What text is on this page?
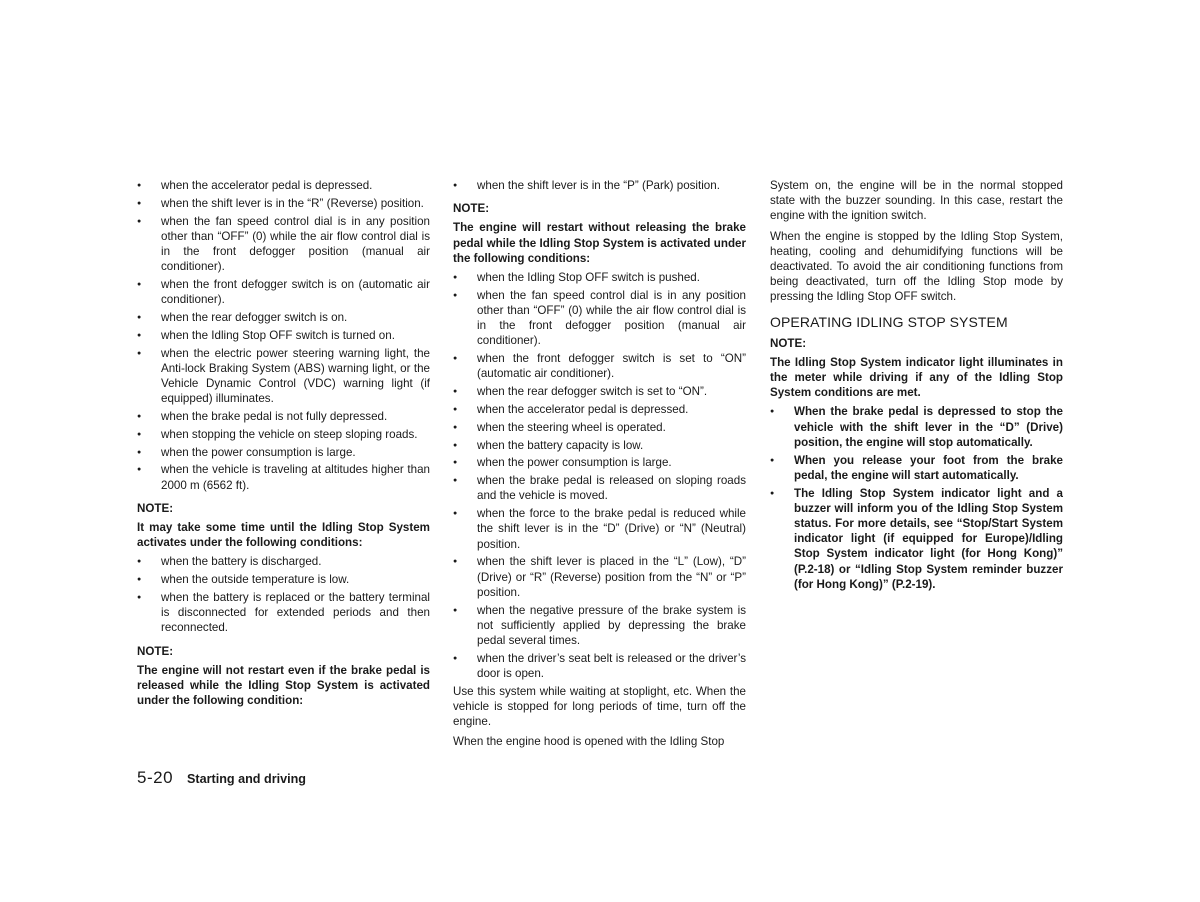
● when the accelerator pedal is depressed.
● when the shift lever is in the “R” (Reverse) position.
● when the fan speed control dial is in any position other than “OFF” (0) while the air flow control dial is in the front defogger position (manual air conditioner).
● when the front defogger switch is on (automatic air conditioner).
● when the rear defogger switch is on.
● when the Idling Stop OFF switch is turned on.
● when the electric power steering warning light, the Anti-lock Braking System (ABS) warning light, or the Vehicle Dynamic Control (VDC) warning light (if equipped) illuminates.
● when the brake pedal is not fully depressed.
● when stopping the vehicle on steep sloping roads.
● when the power consumption is large.
● when the vehicle is traveling at altitudes higher than 2000 m (6562 ft).
NOTE:
It may take some time until the Idling Stop System activates under the following conditions:
● when the battery is discharged.
● when the outside temperature is low.
● when the battery is replaced or the battery terminal is disconnected for extended periods and then reconnected.
NOTE:
The engine will not restart even if the brake pedal is released while the Idling Stop System is activated under the following condition:
● when the shift lever is in the “P” (Park) position.
NOTE:
The engine will restart without releasing the brake pedal while the Idling Stop System is activated under the following conditions:
● when the Idling Stop OFF switch is pushed.
● when the fan speed control dial is in any position other than “OFF” (0) while the air flow control dial is in the front defogger position (manual air conditioner).
● when the front defogger switch is set to “ON” (automatic air conditioner).
● when the rear defogger switch is set to “ON”.
● when the accelerator pedal is depressed.
● when the steering wheel is operated.
● when the battery capacity is low.
● when the power consumption is large.
● when the brake pedal is released on sloping roads and the vehicle is moved.
● when the force to the brake pedal is reduced while the shift lever is in the “D” (Drive) or “N” (Neutral) position.
● when the shift lever is placed in the “L” (Low), “D” (Drive) or “R” (Reverse) position from the “N” or “P” position.
● when the negative pressure of the brake system is not sufficiently applied by depressing the brake pedal several times.
● when the driver’s seat belt is released or the driver’s door is open.
Use this system while waiting at stoplight, etc. When the vehicle is stopped for long periods of time, turn off the engine.
When the engine hood is opened with the Idling Stop
System on, the engine will be in the normal stopped state with the buzzer sounding. In this case, restart the engine with the ignition switch.
When the engine is stopped by the Idling Stop System, heating, cooling and dehumidifying functions will be deactivated. To avoid the air conditioning functions from being deactivated, turn off the Idling Stop mode by pressing the Idling Stop OFF switch.
OPERATING IDLING STOP SYSTEM
NOTE:
The Idling Stop System indicator light illuminates in the meter while driving if any of the Idling Stop System conditions are met.
● When the brake pedal is depressed to stop the vehicle with the shift lever in the “D” (Drive) position, the engine will stop automatically.
● When you release your foot from the brake pedal, the engine will start automatically.
● The Idling Stop System indicator light and a buzzer will inform you of the Idling Stop System status. For more details, see “Stop/Start System indicator light (if equipped for Europe)/Idling Stop System indicator light (for Hong Kong)” (P.2-18) or “Idling Stop System reminder buzzer (for Hong Kong)” (P.2-19).
5-20 Starting and driving
